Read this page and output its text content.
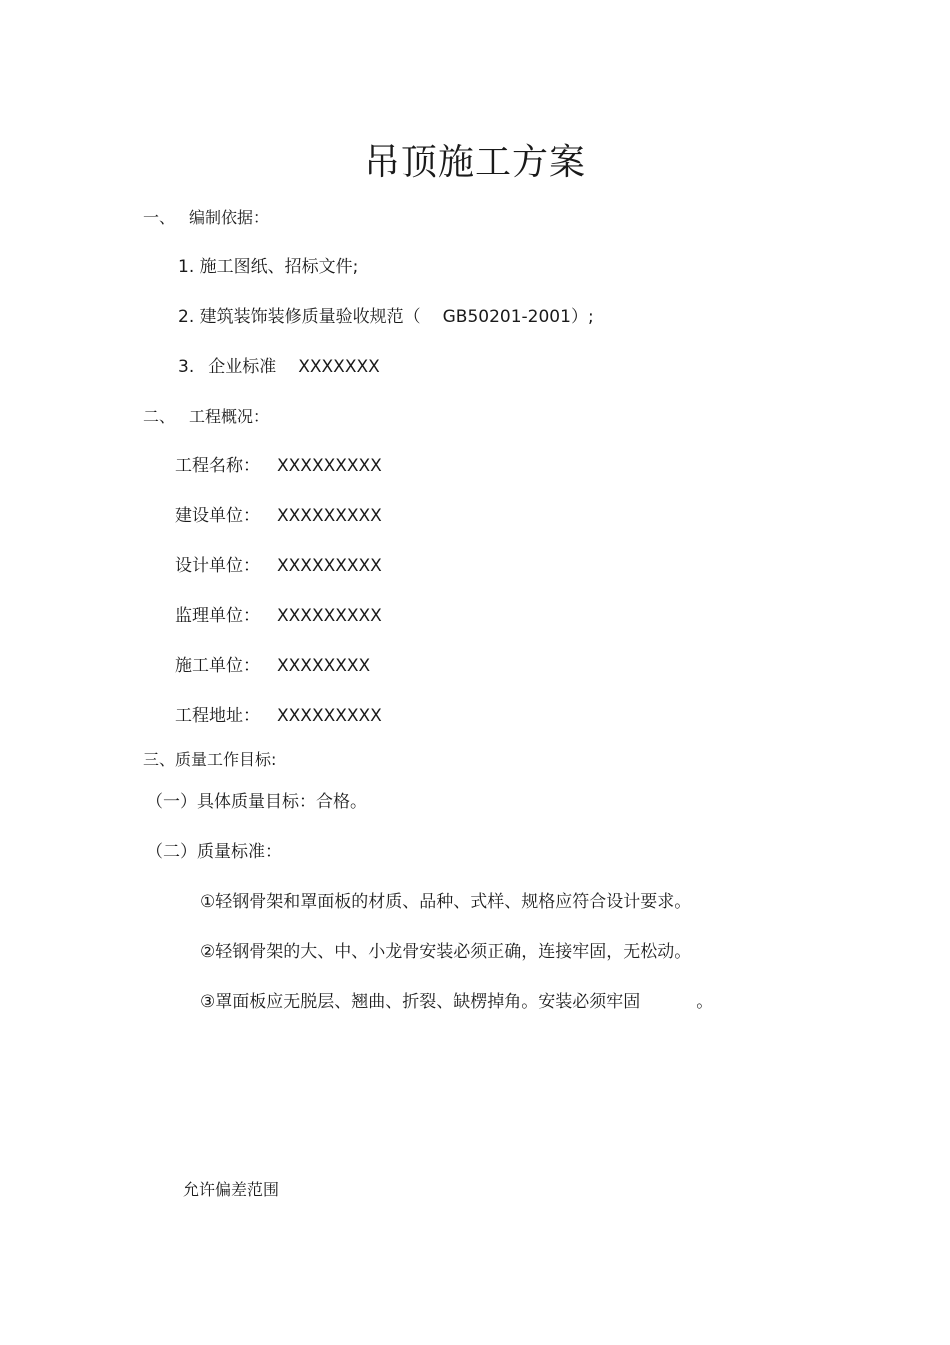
吊顶施工方案
一、 编制依据：
1. 施工图纸、招标文件;
2. 建筑装饰装修质量验收规范（ GB50201-2001）;
3. 企业标准 XXXXXXX
二、 工程概况：
工程名称： XXXXXXXXX
建设单位： XXXXXXXXX
设计单位： XXXXXXXXX
监理单位： XXXXXXXXX
施工单位： XXXXXXXX
工程地址： XXXXXXXXX
三、质量工作目标:
（一）具体质量目标：合格。
（二）质量标准：
①轻钢骨架和罩面板的材质、品种、式样、规格应符合设计要求。
②轻钢骨架的大、中、小龙骨安装必须正确，连接牢固，无松动。
③罩面板应无脱层、翘曲、折裂、缺楞掉角。安装必须牢固	。
允许偏差范围
